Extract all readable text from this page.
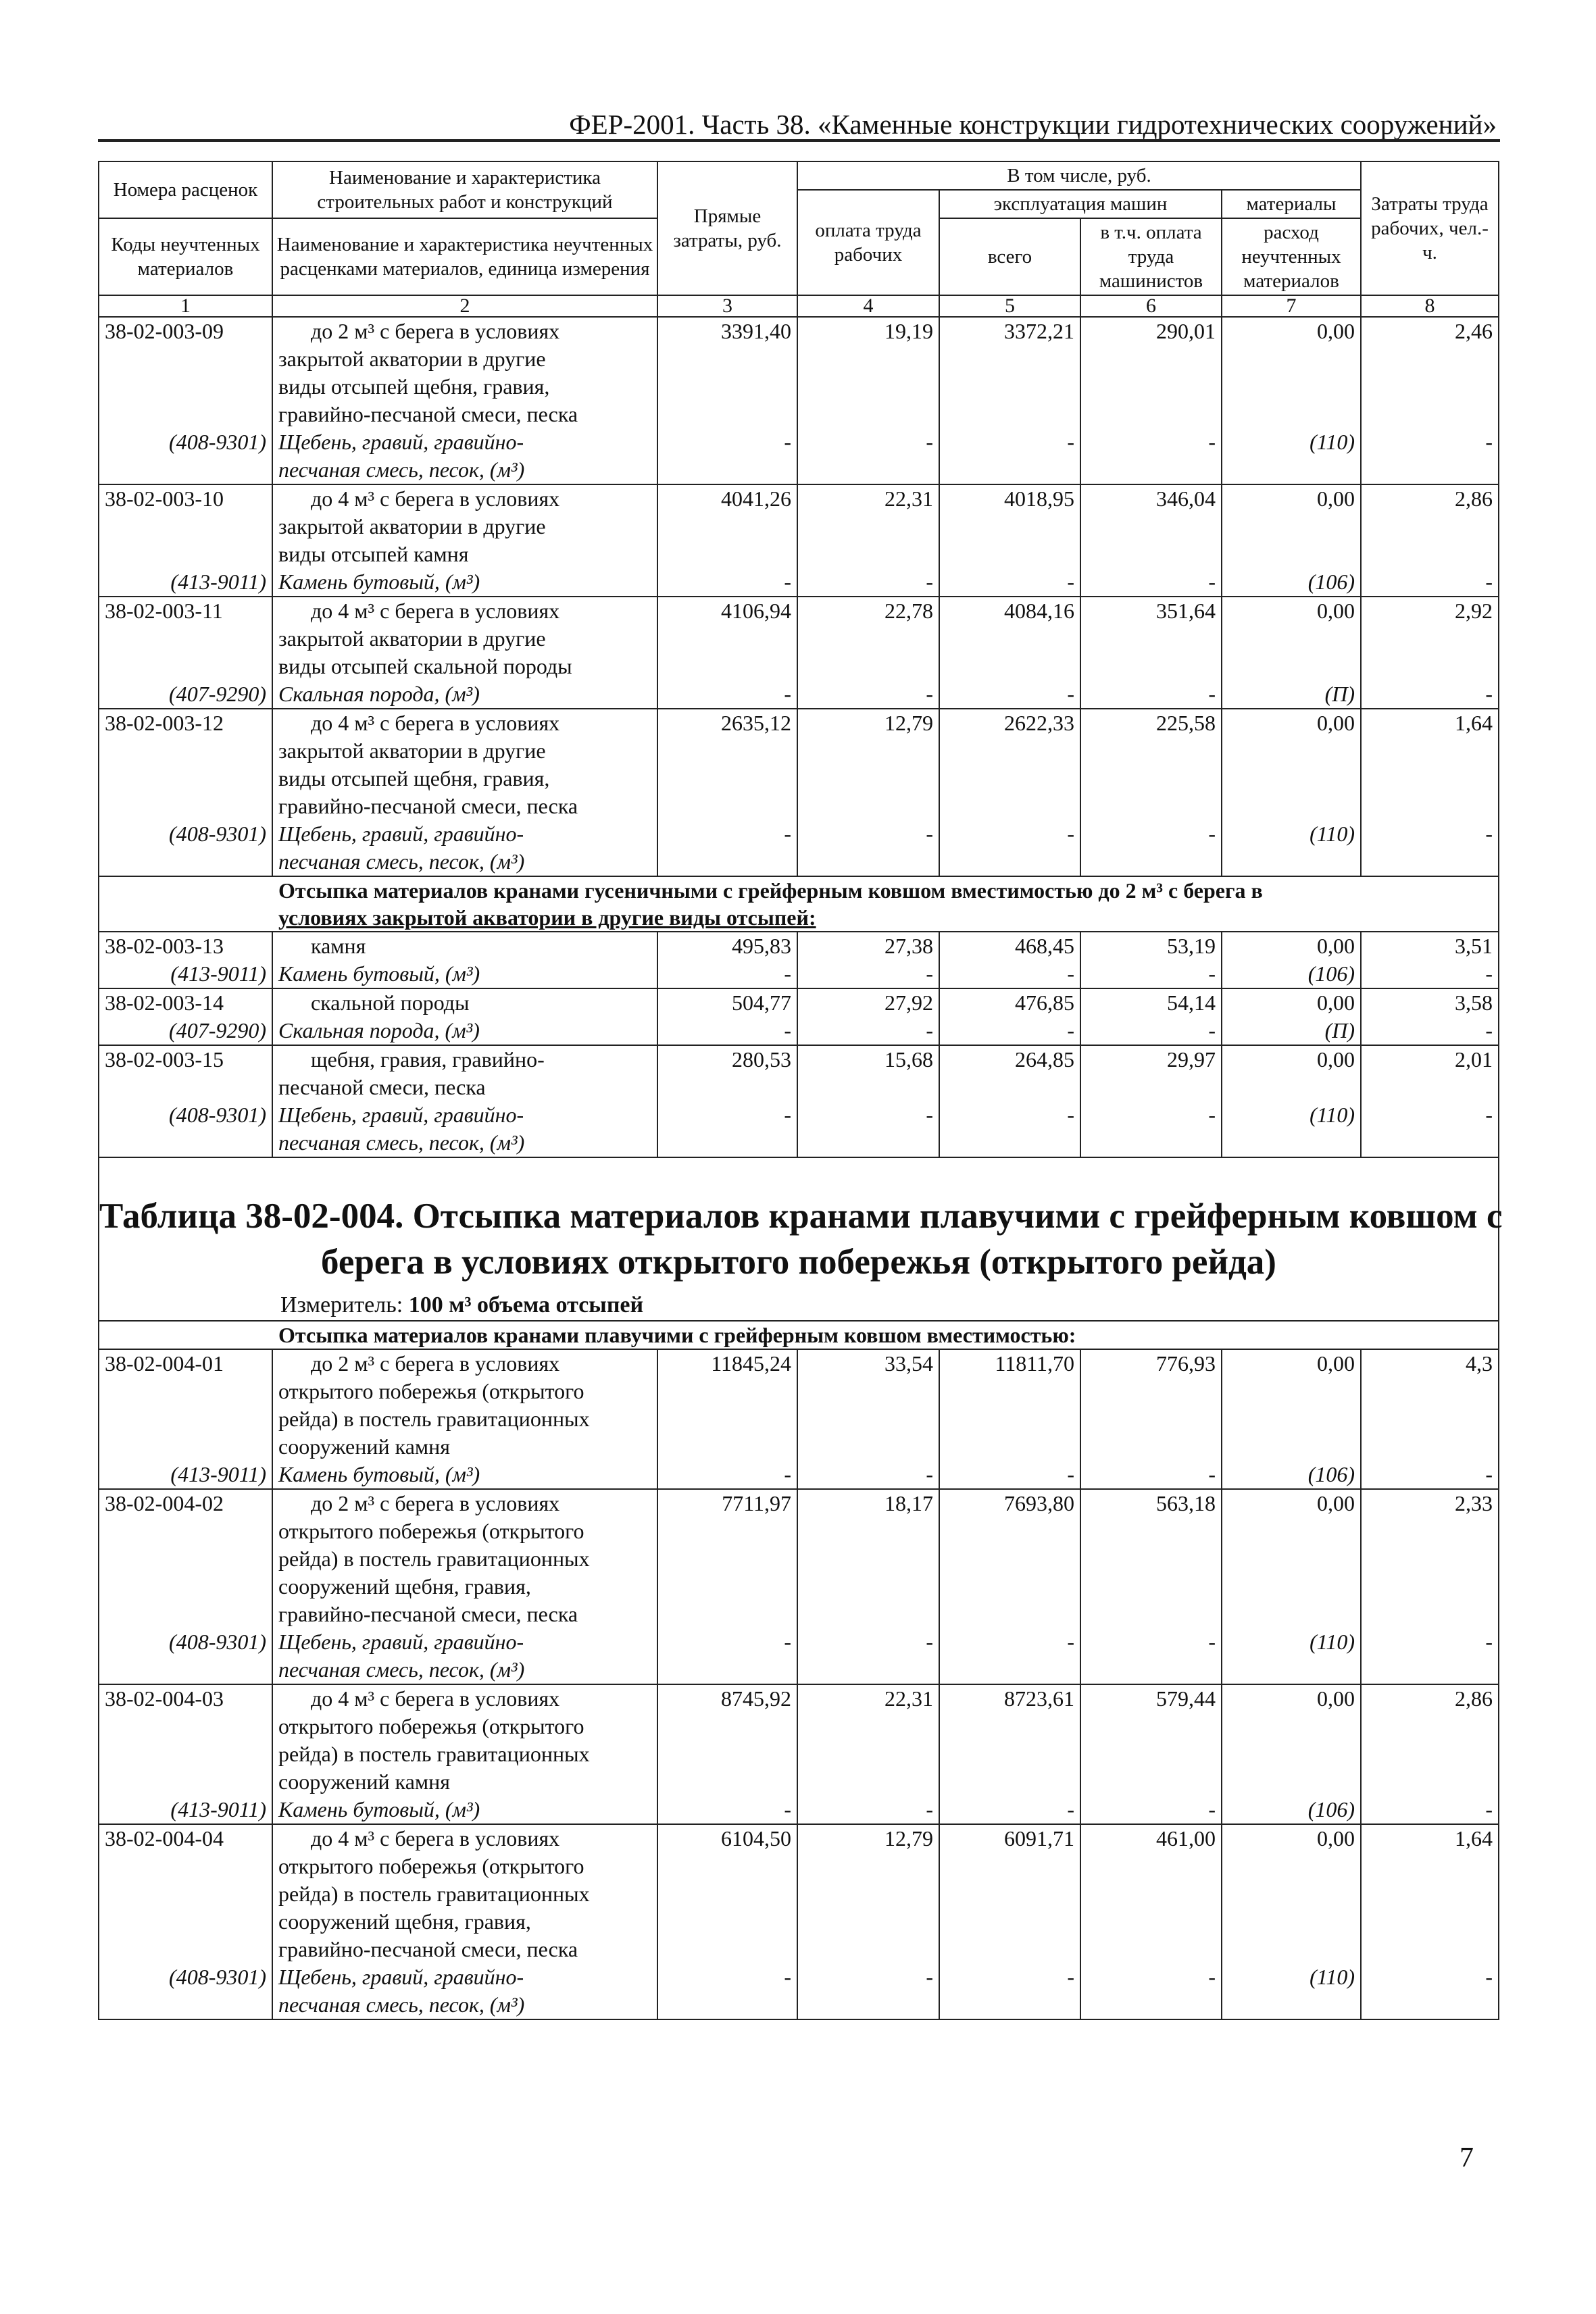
ФЕР-2001. Часть 38. «Каменные конструкции гидротехнических сооружений»
Номера расценок	Наименование и характеристика строительных работ и конструкций	Прямые затраты, руб.	В том числе, руб.				Затраты труда рабочих, чел.-ч.
			оплата труда рабочих	эксплуатация машин		материалы	
Коды неучтенных материалов	Наименование и характеристика неучтенных расценками материалов, единица измерения			всего	в т.ч. оплата труда машинистов	расход неучтенных материалов	

1	2	3	4	5	6	7	8
38-02-003-09	до 2 м³ с берега в условиях
закрытой акватории в другие
виды отсыпей щебня, гравия,
гравийно-песчаной смеси, песка	3391,40	19,19	3372,21	290,01	0,00	2,46
(408-9301)	Щебень, гравий, гравийно-
песчаная смесь, песок, (м³)	-	-	-	-	(110)	-
38-02-003-10	до 4 м³ с берега в условиях
закрытой акватории в другие
виды отсыпей камня	4041,26	22,31	4018,95	346,04	0,00	2,86
(413-9011)	Камень бутовый, (м³)	-	-	-	-	(106)	-
38-02-003-11	до 4 м³ с берега в условиях
закрытой акватории в другие
виды отсыпей скальной породы	4106,94	22,78	4084,16	351,64	0,00	2,92
(407-9290)	Скальная порода, (м³)	-	-	-	-	(П)	-
38-02-003-12	до 4 м³ с берега в условиях
закрытой акватории в другие
виды отсыпей щебня, гравия,
гравийно-песчаной смеси, песка	2635,12	12,79	2622,33	225,58	0,00	1,64
(408-9301)	Щебень, гравий, гравийно-
песчаная смесь, песок, (м³)	-	-	-	-	(110)	-

Отсыпка материалов кранами гусеничными с грейферным ковшом вместимостью до 2 м³ с берега в
условиях закрытой акватории в другие виды отсыпей:							

38-02-003-13	камня	495,83	27,38	468,45	53,19	0,00	3,51
(413-9011)	Камень бутовый, (м³)	-	-	-	-	(106)	-
38-02-003-14	скальной породы	504,77	27,92	476,85	54,14	0,00	3,58
(407-9290)	Скальная порода, (м³)	-	-	-	-	(П)	-
38-02-003-15	щебня, гравия, гравийно-
песчаной смеси, песка	280,53	15,68	264,85	29,97	0,00	2,01
(408-9301)	Щебень, гравий, гравийно-
песчаная смесь, песок, (м³)	-	-	-	-	(110)	-

Таблица 38-02-004. Отсыпка материалов кранами плавучими с грейферным ковшом с
берега в условиях открытого побережья (открытого рейда)
Измеритель: 100 м³ объема отсыпей							

Отсыпка материалов кранами плавучими с грейферным ковшом вместимостью:							

38-02-004-01	до 2 м³ с берега в условиях
открытого побережья (открытого
рейда) в постель гравитационных
сооружений камня	11845,24	33,54	11811,70	776,93	0,00	4,3
(413-9011)	Камень бутовый, (м³)	-	-	-	-	(106)	-
38-02-004-02	до 2 м³ с берега в условиях
открытого побережья (открытого
рейда) в постель гравитационных
сооружений щебня, гравия,
гравийно-песчаной смеси, песка	7711,97	18,17	7693,80	563,18	0,00	2,33
(408-9301)	Щебень, гравий, гравийно-
песчаная смесь, песок, (м³)	-	-	-	-	(110)	-
38-02-004-03	до 4 м³ с берега в условиях
открытого побережья (открытого
рейда) в постель гравитационных
сооружений камня	8745,92	22,31	8723,61	579,44	0,00	2,86
(413-9011)	Камень бутовый, (м³)	-	-	-	-	(106)	-
38-02-004-04	до 4 м³ с берега в условиях
открытого побережья (открытого
рейда) в постель гравитационных
сооружений щебня, гравия,
гравийно-песчаной смеси, песка	6104,50	12,79	6091,71	461,00	0,00	1,64
(408-9301)	Щебень, гравий, гравийно-
песчаная смесь, песок, (м³)	-	-	-	-	(110)	-
7
